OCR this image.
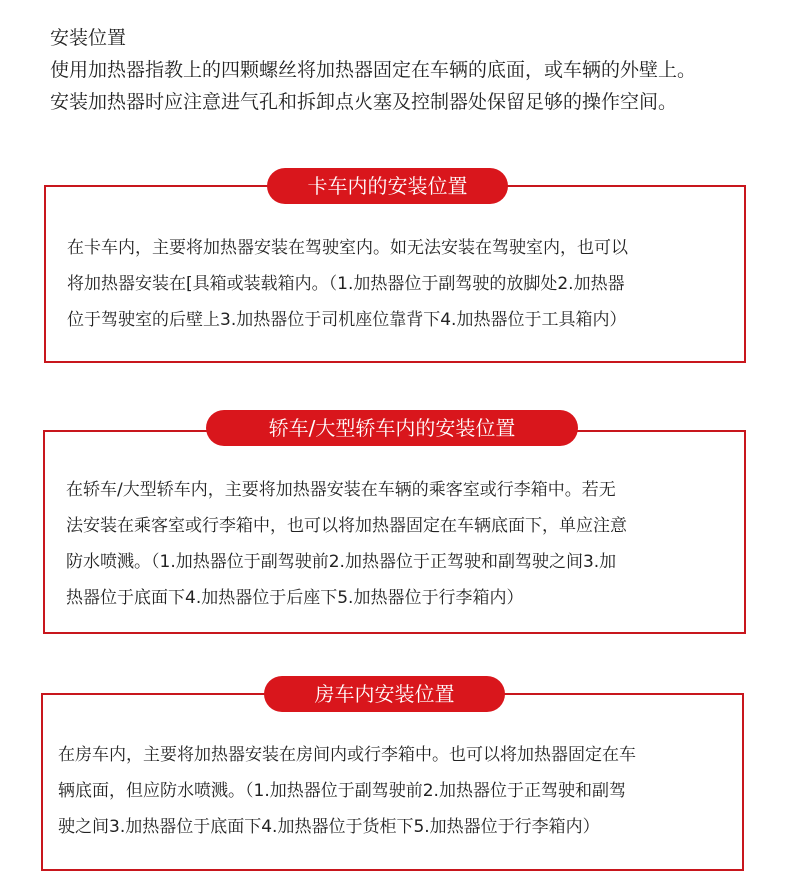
安装位置
使用加热器指教上的四颗螺丝将加热器固定在车辆的底面，或车辆的外壁上。
安装加热器时应注意进气孔和拆卸点火塞及控制器处保留足够的操作空间。
在卡车内，主要将加热器安装在驾驶室内。如无法安装在驾驶室内，也可以
将加热器安装在[具箱或装载箱内。（1.加热器位于副驾驶的放脚处2.加热器
位于驾驶室的后壁上3.加热器位于司机座位靠背下4.加热器位于工具箱内）
卡车内的安装位置
在轿车/大型轿车内，主要将加热器安装在车辆的乘客室或行李箱中。若无
法安装在乘客室或行李箱中，也可以将加热器固定在车辆底面下，单应注意
防水喷溅。（1.加热器位于副驾驶前2.加热器位于正驾驶和副驾驶之间3.加
热器位于底面下4.加热器位于后座下5.加热器位于行李箱内）
轿车/大型轿车内的安装位置
在房车内，主要将加热器安装在房间内或行李箱中。也可以将加热器固定在车
辆底面，但应防水喷溅。（1.加热器位于副驾驶前2.加热器位于正驾驶和副驾
驶之间3.加热器位于底面下4.加热器位于货柜下5.加热器位于行李箱内）
房车内安装位置
